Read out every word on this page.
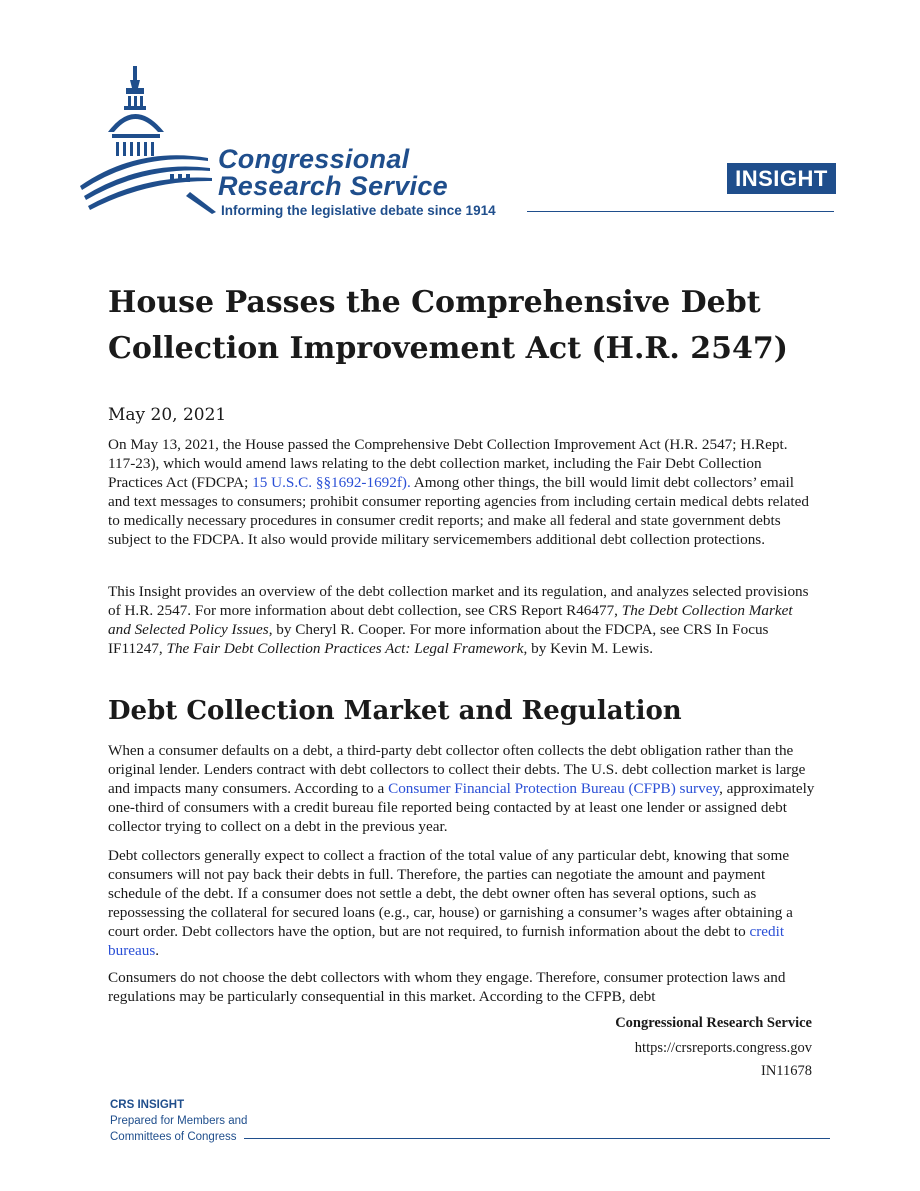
Congressional
Research Service
Informing the legislative debate since 1914
INSIGHT
House Passes the Comprehensive Debt Collection Improvement Act (H.R. 2547)
May 20, 2021

On May 13, 2021, the House passed the Comprehensive Debt Collection Improvement Act (H.R. 2547; H.Rept. 117-23), which would amend laws relating to the debt collection market, including the Fair Debt Collection Practices Act (FDCPA; 15 U.S.C. §§1692-1692f). Among other things, the bill would limit debt collectors’ email and text messages to consumers; prohibit consumer reporting agencies from including certain medical debts related to medically necessary procedures in consumer credit reports; and make all federal and state government debts subject to the FDCPA. It also would provide military servicemembers additional debt collection protections.

This Insight provides an overview of the debt collection market and its regulation, and analyzes selected provisions of H.R. 2547. For more information about debt collection, see CRS Report R46477, The Debt Collection Market and Selected Policy Issues, by Cheryl R. Cooper. For more information about the FDCPA, see CRS In Focus IF11247, The Fair Debt Collection Practices Act: Legal Framework, by Kevin M. Lewis.

Debt Collection Market and Regulation

When a consumer defaults on a debt, a third-party debt collector often collects the debt obligation rather than the original lender. Lenders contract with debt collectors to collect their debts. The U.S. debt collection market is large and impacts many consumers. According to a Consumer Financial Protection Bureau (CFPB) survey, approximately one-third of consumers with a credit bureau file reported being contacted by at least one lender or assigned debt collector trying to collect on a debt in the previous year.

Debt collectors generally expect to collect a fraction of the total value of any particular debt, knowing that some consumers will not pay back their debts in full. Therefore, the parties can negotiate the amount and payment schedule of the debt. If a consumer does not settle a debt, the debt owner often has several options, such as repossessing the collateral for secured loans (e.g., car, house) or garnishing a consumer’s wages after obtaining a court order. Debt collectors have the option, but are not required, to furnish information about the debt to credit bureaus.

Consumers do not choose the debt collectors with whom they engage. Therefore, consumer protection laws and regulations may be particularly consequential in this market. According to the CFPB, debt

Congressional Research Service
https://crsreports.congress.gov
IN11678
CRS INSIGHT
Prepared for Members and
Committees of Congress
